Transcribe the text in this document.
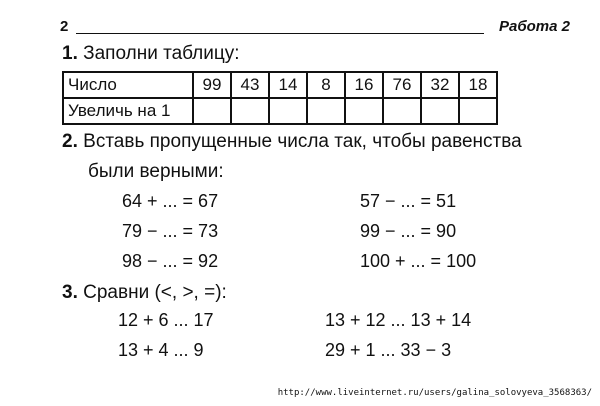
2	Работа 2
1. Заполни таблицу:
Число	99	43	14	8	16	76	32	18
Увеличь на 1								
2. Вставь пропущенные числа так, чтобы равенства
были верными:
64 + ... = 67
79 − ... = 73
98 − ... = 92
57 − ... = 51
99 − ... = 90
100 + ... = 100
3. Сравни (<, >, =):
12 + 6 ... 17
13 + 4 ... 9
13 + 12 ... 13 + 14
29 + 1 ... 33 − 3
http://www.liveinternet.ru/users/galina_solovyeva_3568363/
